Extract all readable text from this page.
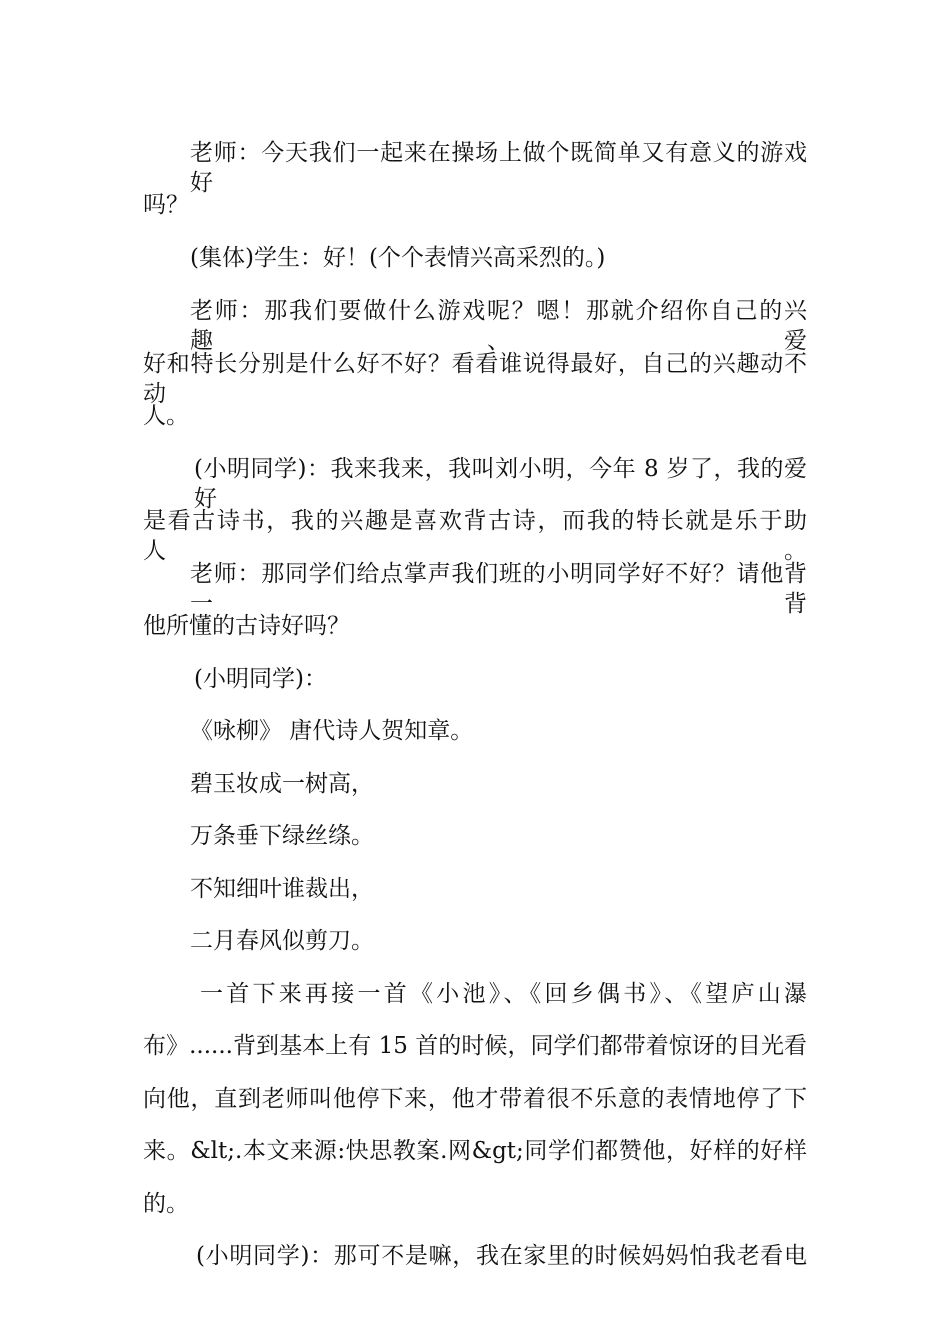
老师：今天我们一起来在操场上做个既简单又有意义的游戏好
吗？
(集体)学生：好！(个个表情兴高采烈的。)
老师：那我们要做什么游戏呢？嗯！那就介绍你自己的兴趣、爱
好和特长分别是什么好不好？看看谁说得最好，自己的兴趣动不动
人。
(小明同学)：我来我来，我叫刘小明，今年 8 岁了，我的爱好
是看古诗书，我的兴趣是喜欢背古诗，而我的特长就是乐于助人。
老师：那同学们给点掌声我们班的小明同学好不好？请他背一背
他所懂的古诗好吗？
(小明同学)：
《咏柳》 唐代诗人贺知章。
碧玉妆成一树高，
万条垂下绿丝绦。
不知细叶谁裁出，
二月春风似剪刀。
一首下来再接一首《小池》、《回乡偶书》、《望庐山瀑
布》......背到基本上有 15 首的时候，同学们都带着惊讶的目光看
向他，直到老师叫他停下来，他才带着很不乐意的表情地停了下
来。&lt;.本文来源:快思教案.网&gt;同学们都赞他，好样的好样
的。
(小明同学)：那可不是嘛，我在家里的时候妈妈怕我老看电
